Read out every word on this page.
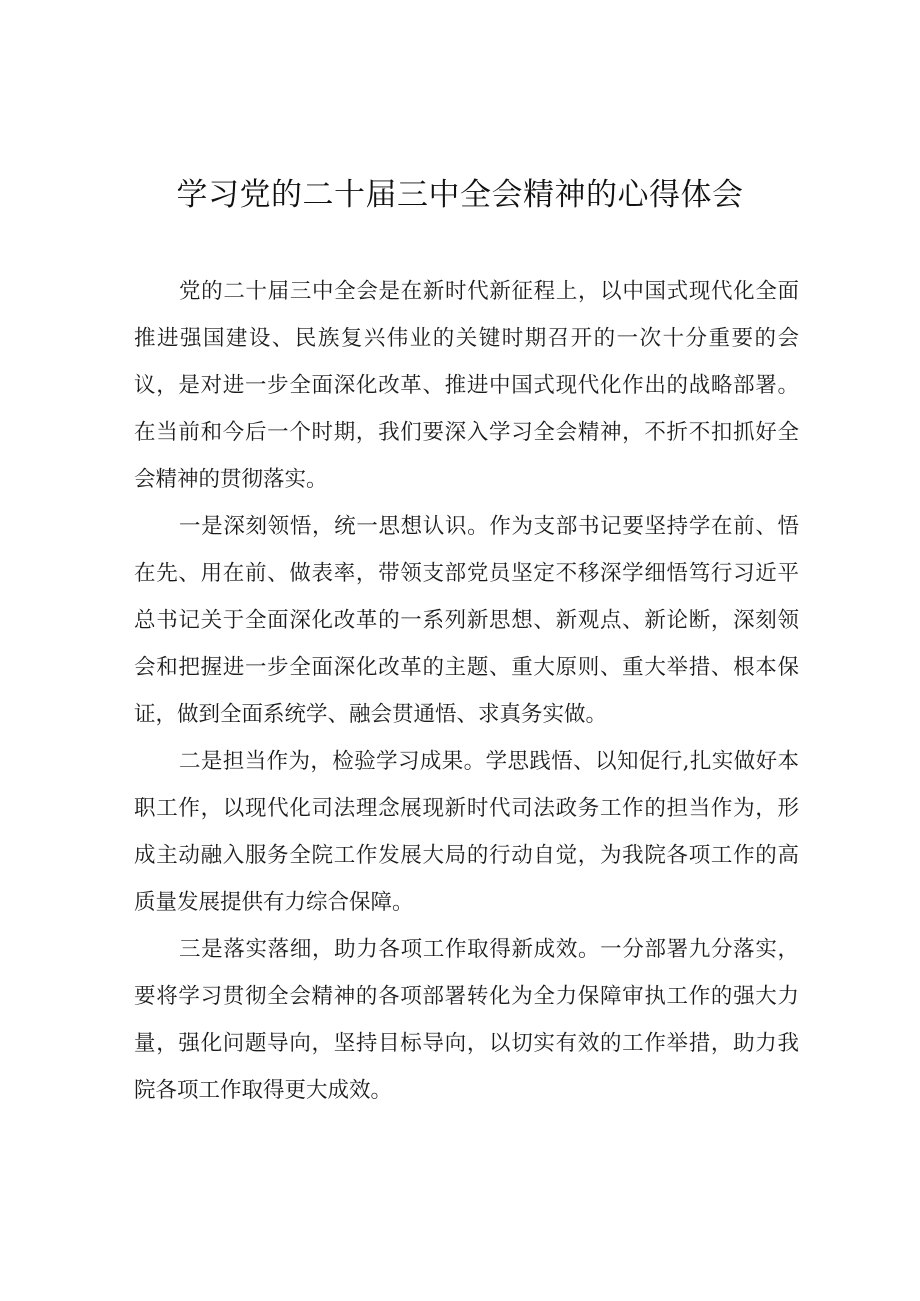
学习党的二十届三中全会精神的心得体会

党的二十届三中全会是在新时代新征程上，以中国式现代化全面推进强国建设、民族复兴伟业的关键时期召开的一次十分重要的会议，是对进一步全面深化改革、推进中国式现代化作出的战略部署。在当前和今后一个时期，我们要深入学习全会精神，不折不扣抓好全会精神的贯彻落实。

一是深刻领悟，统一思想认识。作为支部书记要坚持学在前、悟在先、用在前、做表率，带领支部党员坚定不移深学细悟笃行习近平总书记关于全面深化改革的一系列新思想、新观点、新论断，深刻领会和把握进一步全面深化改革的主题、重大原则、重大举措、根本保证，做到全面系统学、融会贯通悟、求真务实做。

二是担当作为，检验学习成果。学思践悟、以知促行,扎实做好本职工作，以现代化司法理念展现新时代司法政务工作的担当作为，形成主动融入服务全院工作发展大局的行动自觉，为我院各项工作的高质量发展提供有力综合保障。

三是落实落细，助力各项工作取得新成效。一分部署九分落实，要将学习贯彻全会精神的各项部署转化为全力保障审执工作的强大力量，强化问题导向，坚持目标导向，以切实有效的工作举措，助力我院各项工作取得更大成效。
